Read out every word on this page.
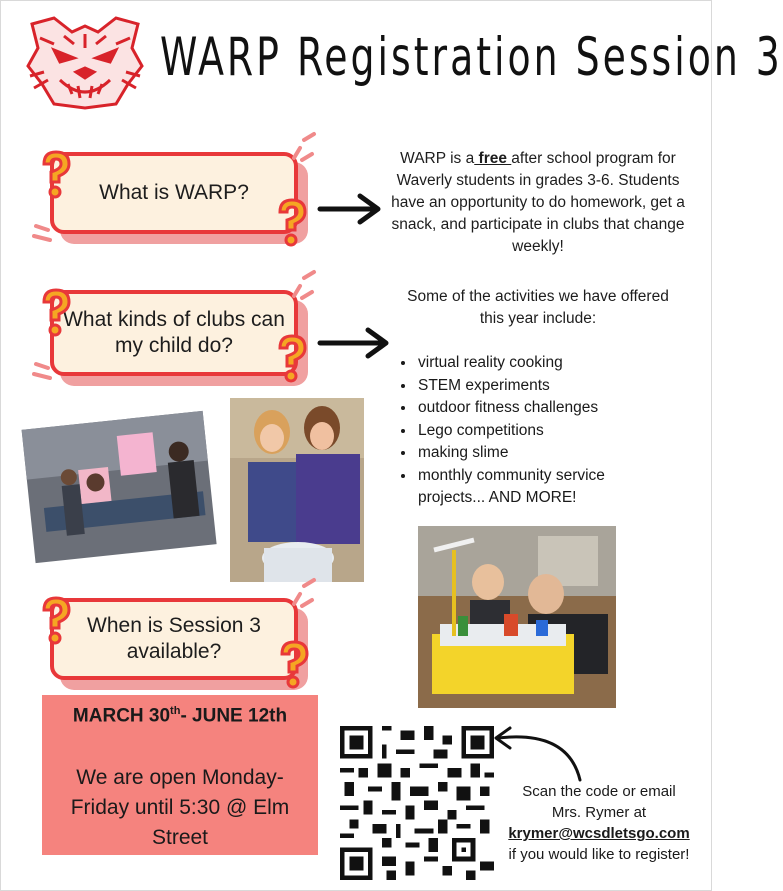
WARP Registration Session 3
What is WARP?
WARP is a free after school program for Waverly students in grades 3-6. Students have an opportunity to do homework, get a snack, and participate in clubs that change weekly!
What kinds of clubs can my child do?
Some of the activities we have offered this year include:
• virtual reality cooking
• STEM experiments
• outdoor fitness challenges
• Lego competitions
• making slime
• monthly community service projects... AND MORE!
When is Session 3 available?
MARCH 30th- JUNE 12th
We are open Monday-Friday until 5:30 @ Elm Street
Scan the code or email
Mrs. Rymer at
krymer@wcsdletsgo.com
if you would like to register!
